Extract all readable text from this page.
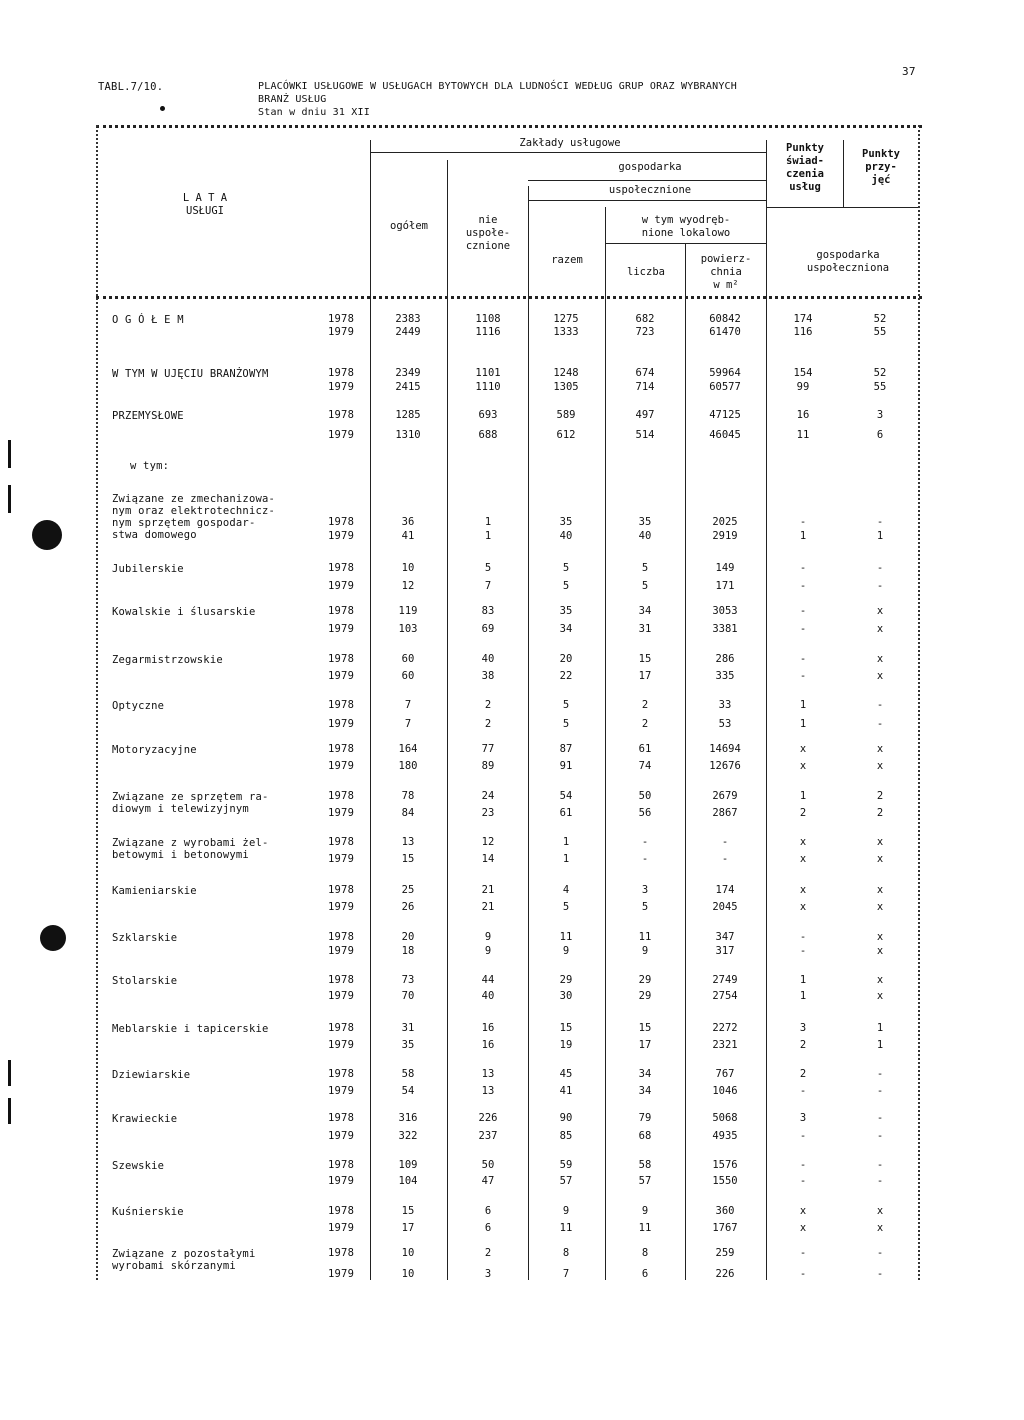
37
TABL.7/10.	PLACÓWKI USŁUGOWE W USŁUGACH BYTOWYCH DLA LUDNOŚCI WEDŁUG GRUP ORAZ WYBRANYCH
BRANŻ USŁUG
Stan w dniu 31 XII
L A T A
USŁUGI
Zakłady usługowe
ogółem	nie
uspołe-
cznione
gospodarka
uspołecznione
razem
w tym wyodręb-
nione lokalowo
liczba
powierz-
chnia
w m²
Punkty
świad-
czenia
usług
Punkty
przy-
jęć
gospodarka
uspołeczniona
O G Ó Ł E M	1978	2383	1108	1275	682	60842	174	52
1979	2449	1116	1333	723	61470	116	55
W TYM W UJĘCIU BRANŻOWYM	1978	2349	1101	1248	674	59964	154	52
1979	2415	1110	1305	714	60577	99	55
PRZEMYSŁOWE	1978	1285	693	589	497	47125	16	3
1979	1310	688	612	514	46045	11	6
w tym:
Związane ze zmechanizowa-
nym oraz elektrotechnicz-
nym sprzętem gospodar-
stwa domowego
1978	36	1	35	35	2025	-	-
1979	41	1	40	40	2919	1	1
Jubilerskie	1978	10	5	5	5	149	-	-
1979	12	7	5	5	171	-	-
Kowalskie i ślusarskie	1978	119	83	35	34	3053	-	x
1979	103	69	34	31	3381	-	x
Zegarmistrzowskie	1978	60	40	20	15	286	-	x
1979	60	38	22	17	335	-	x
Optyczne	1978	7	2	5	2	33	1	-
1979	7	2	5	2	53	1	-
Motoryzacyjne	1978	164	77	87	61	14694	x	x
1979	180	89	91	74	12676	x	x
Związane ze sprzętem ra-
diowym i telewizyjnym
1978	78	24	54	50	2679	1	2
1979	84	23	61	56	2867	2	2
Związane z wyrobami żel-
betowymi i betonowymi
1978	13	12	1	-	-	x	x
1979	15	14	1	-	-	x	x
Kamieniarskie	1978	25	21	4	3	174	x	x
1979	26	21	5	5	2045	x	x
Szklarskie	1978	20	9	11	11	347	-	x
1979	18	9	9	9	317	-	x
Stolarskie	1978	73	44	29	29	2749	1	x
1979	70	40	30	29	2754	1	x
Meblarskie i tapicerskie	1978	31	16	15	15	2272	3	1
1979	35	16	19	17	2321	2	1
Dziewiarskie	1978	58	13	45	34	767	2	-
1979	54	13	41	34	1046	-	-
Krawieckie	1978	316	226	90	79	5068	3	-
1979	322	237	85	68	4935	-	-
Szewskie	1978	109	50	59	58	1576	-	-
1979	104	47	57	57	1550	-	-
Kuśnierskie	1978	15	6	9	9	360	x	x
1979	17	6	11	11	1767	x	x
Związane z pozostałymi
wyrobami skórzanymi
1978	10	2	8	8	259	-	-
1979	10	3	7	6	226	-	-
